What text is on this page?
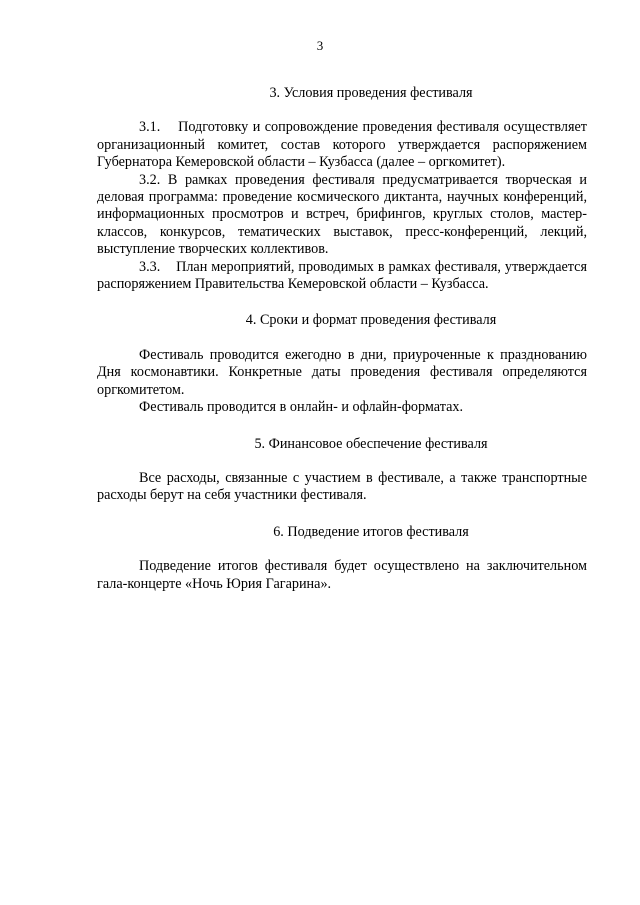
3
3. Условия проведения фестиваля

3.1.    Подготовку и сопровождение проведения фестиваля осуществляет организационный комитет, состав которого утверждается распоряжением Губернатора Кемеровской области – Кузбасса (далее – оргкомитет).

3.2. В рамках проведения фестиваля предусматривается творческая и деловая программа: проведение космического диктанта, научных конференций, информационных просмотров и встреч, брифингов, круглых столов, мастер-классов, конкурсов, тематических выставок, пресс-конференций, лекций, выступление творческих коллективов.

3.3.    План мероприятий, проводимых в рамках фестиваля, утверждается распоряжением Правительства Кемеровской области – Кузбасса.

4. Сроки и формат проведения фестиваля

Фестиваль проводится ежегодно в дни, приуроченные к празднованию Дня космонавтики. Конкретные даты проведения фестиваля определяются оргкомитетом.

Фестиваль проводится в онлайн- и офлайн-форматах.

5. Финансовое обеспечение фестиваля

Все расходы, связанные с участием в фестивале, а также транспортные расходы берут на себя участники фестиваля.

6. Подведение итогов фестиваля

Подведение итогов фестиваля будет осуществлено на заключительном гала-концерте «Ночь Юрия Гагарина».
